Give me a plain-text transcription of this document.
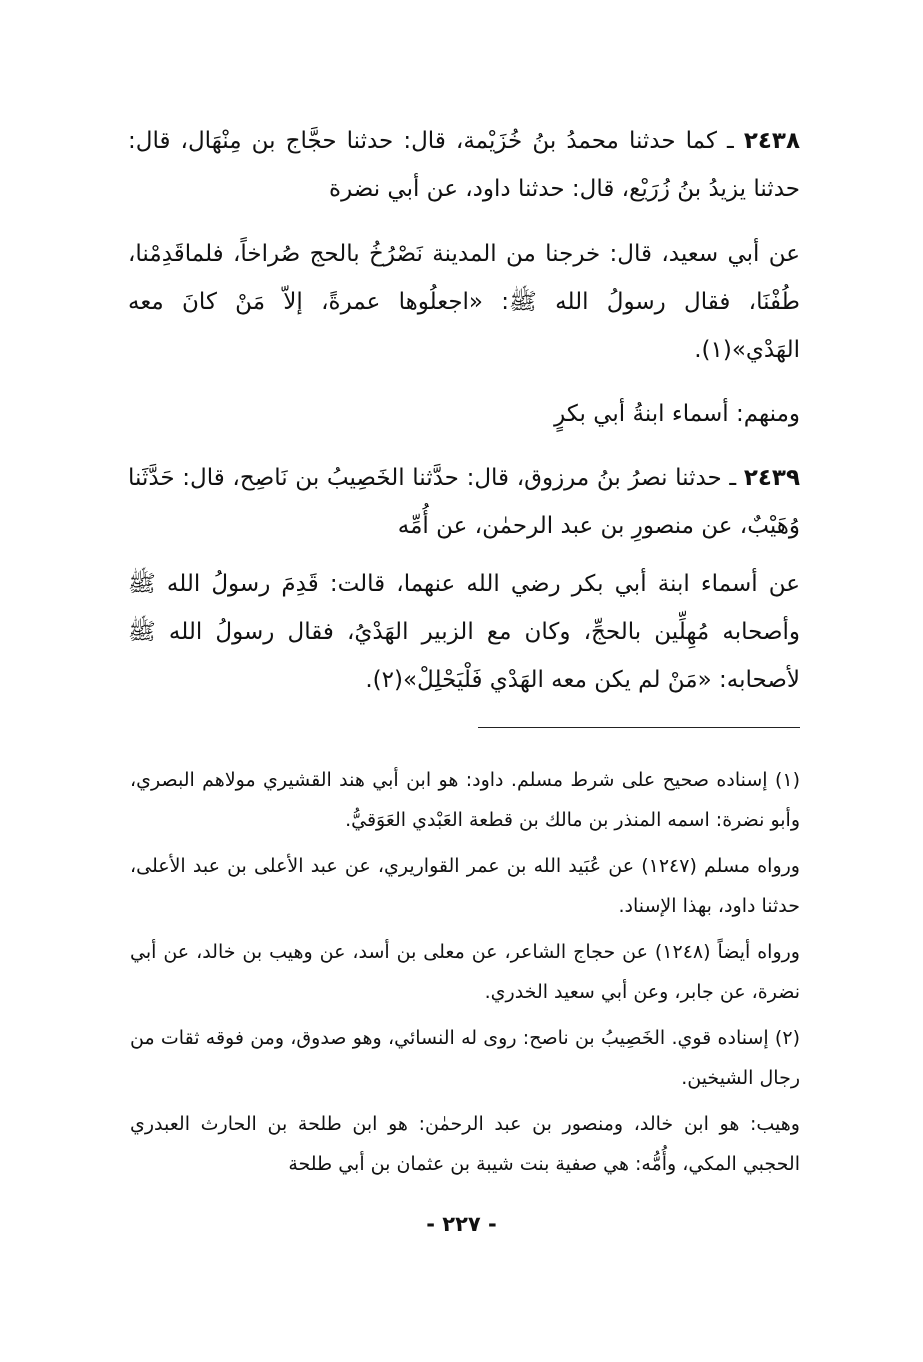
٢٤٣٨ ـ كما حدثنا محمدُ بنُ خُزَيْمة، قال: حدثنا حجَّاج بن مِنْهَال، قال: حدثنا يزيدُ بنُ زُرَيْع، قال: حدثنا داود، عن أبي نضرة

عن أبي سعيد، قال: خرجنا من المدينة نَصْرُخُ بالحج صُراخاً، فلماقَدِمْنا، طُفْنَا، فقال رسولُ الله ﷺ: «اجعلُوها عمرةً، إلاّ مَنْ كانَ معه الهَدْي»(١).

ومنهم: أسماء ابنةُ أبي بكرٍ

٢٤٣٩ ـ حدثنا نصرُ بنُ مرزوق، قال: حدَّثنا الخَصِيبُ بن نَاصِح، قال: حَدَّثَنا وُهَيْبٌ، عن منصورِ بن عبد الرحمٰن، عن أُمِّه

عن أسماء ابنة أبي بكر رضي الله عنهما، قالت: قَدِمَ رسولُ الله ﷺ وأصحابه مُهِلِّين بالحجِّ، وكان مع الزبير الهَدْيُ، فقال رسولُ الله ﷺ لأصحابه: «مَنْ لم يكن معه الهَدْي فَلْيَحْلِلْ»(٢).

(١) إسناده صحيح على شرط مسلم. داود: هو ابن أبي هند القشيري مولاهم البصري، وأبو نضرة: اسمه المنذر بن مالك بن قطعة العَبْدي العَوَقيُّ.

ورواه مسلم (١٢٤٧) عن عُبَيد الله بن عمر القواريري، عن عبد الأعلى بن عبد الأعلى، حدثنا داود، بهذا الإسناد.

ورواه أيضاً (١٢٤٨) عن حجاج الشاعر، عن معلى بن أسد، عن وهيب بن خالد، عن أبي نضرة، عن جابر، وعن أبي سعيد الخدري.

(٢) إسناده قوي. الخَصِيبُ بن ناصح: روى له النسائي، وهو صدوق، ومن فوقه ثقات من رجال الشيخين.

وهيب: هو ابن خالد، ومنصور بن عبد الرحمٰن: هو ابن طلحة بن الحارث العبدري الحجبي المكي، وأُمُّه: هي صفية بنت شيبة بن عثمان بن أبي طلحة

- ٢٢٧ -
